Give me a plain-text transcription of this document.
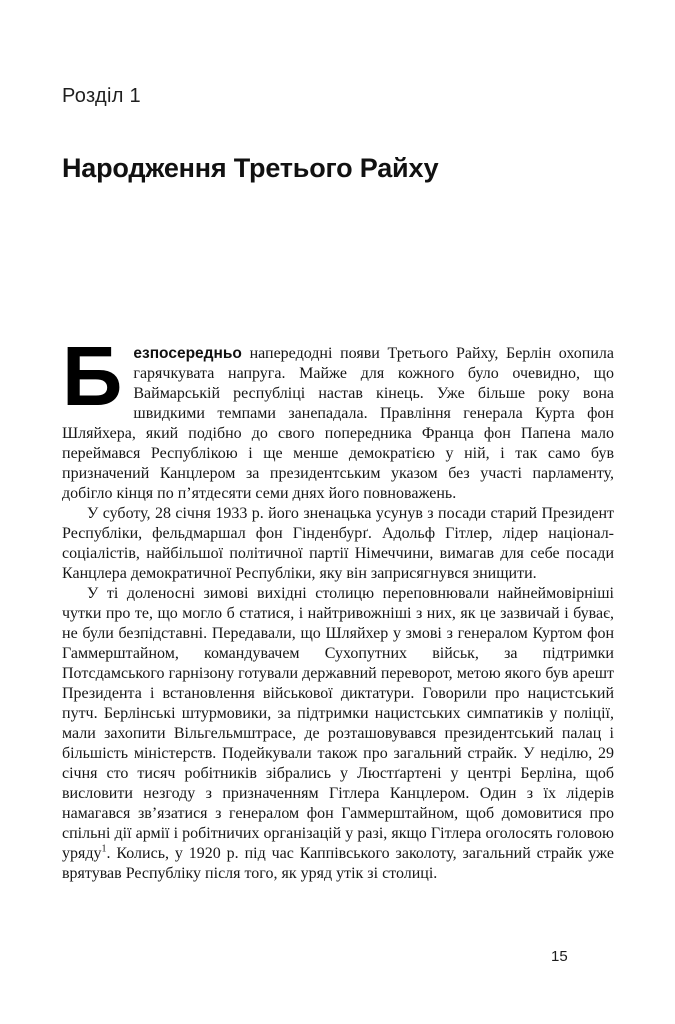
Розділ 1
Народження Третього Райху

Безпосередньо напередодні появи Третього Райху, Берлін охопила гарячкувата напруга. Майже для кожного було очевидно, що Ваймарській республіці настав кінець. Уже більше року вона швидкими темпами занепадала. Правління генерала Курта фон Шляйхера, який подібно до свого попередника Франца фон Папена мало переймався Республікою і ще менше демократією у ній, і так само був призначений Канцлером за президентським указом без участі парламенту, добігло кінця по п’ятдесяти семи днях його повноважень.

У суботу, 28 січня 1933 р. його зненацька усунув з посади старий Президент Республіки, фельдмаршал фон Гінденбурґ. Адольф Гітлер, лідер націонал-соціалістів, найбільшої політичної партії Німеччини, вимагав для себе посади Канцлера демократичної Республіки, яку він заприсягнувся знищити.

У ті доленосні зимові вихідні столицю переповнювали найнеймовірніші чутки про те, що могло б статися, і найтривожніші з них, як це зазвичай і буває, не були безпідставні. Передавали, що Шляйхер у змові з генералом Куртом фон Гаммерштайном, командувачем Сухопутних військ, за підтримки Потсдамського гарнізону готували державний переворот, метою якого був арешт Президента і встановлення військової диктатури. Говорили про нацистський путч. Берлінські штурмовики, за підтримки нацистських симпатиків у поліції, мали захопити Вільгельмштрасе, де розташовувався президентський палац і більшість міністерств. Подейкували також про загальний страйк. У неділю, 29 січня сто тисяч робітників зібрались у Люстґартені у центрі Берліна, щоб висловити незгоду з призначенням Гітлера Канцлером. Один з їх лідерів намагався зв’язатися з генералом фон Гаммерштайном, щоб домовитися про спільні дії армії і робітничих організацій у разі, якщо Гітлера оголосять головою уряду$^1$. Колись, у 1920 р. під час Каппівського заколоту, загальний страйк уже врятував Республіку після того, як уряд утік зі столиці.

15
